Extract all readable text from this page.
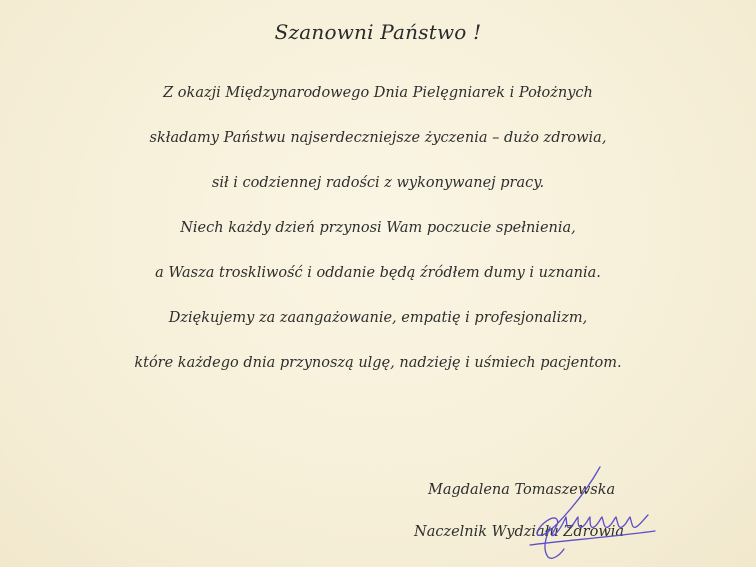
Szanowni Państwo !
Z okazji Międzynarodowego Dnia Pielęgniarek i Położnych
składamy Państwu najserdeczniejsze życzenia – dużo zdrowia,
sił i codziennej radości z wykonywanej pracy.
Niech każdy dzień przynosi Wam poczucie spełnienia,
a Wasza troskliwość i oddanie będą źródłem dumy i uznania.
Dziękujemy za zaangażowanie, empatię i profesjonalizm,
które każdego dnia przynoszą ulgę, nadzieję i uśmiech pacjentom.
Magdalena Tomaszewska
Naczelnik Wydziału Zdrowia
